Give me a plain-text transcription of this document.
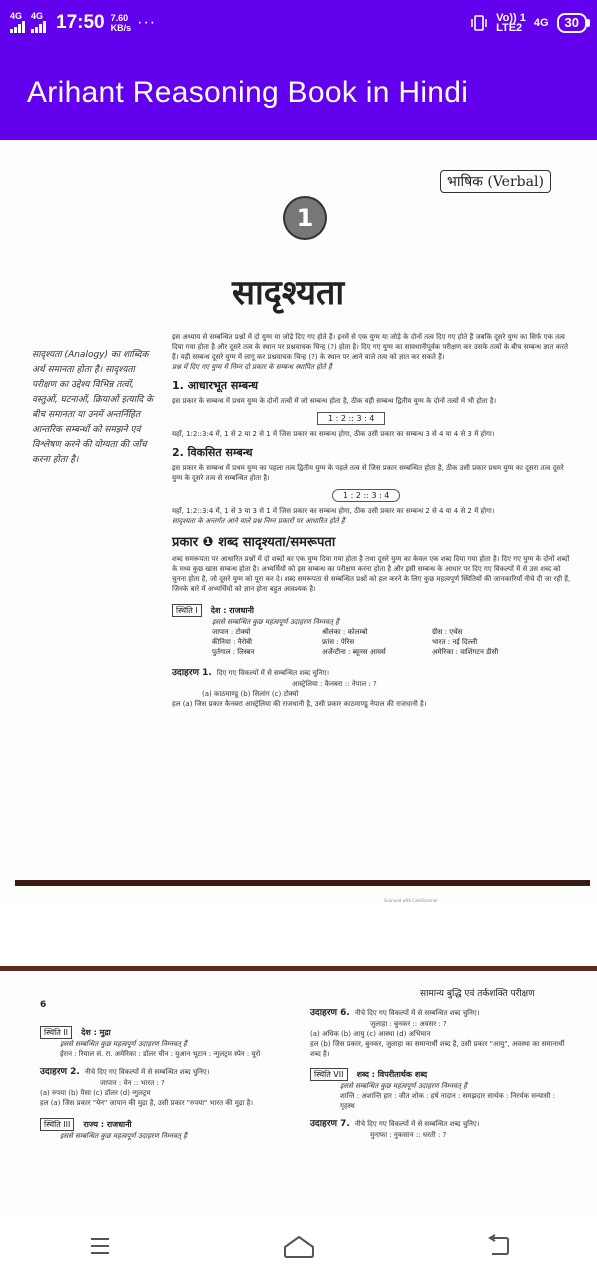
4G 4G 17:50 7.60
KB/s ···	Vo)) 1
LTE2	4G	30
Arihant Reasoning Book in Hindi
भाषिक (Verbal)
1
सादृश्यता
सादृश्यता (Analogy) का शाब्दिक अर्थ समानता होता है। सादृश्यता परीक्षण का उद्देश्य विभिन्न तत्वों, वस्तुओं, घटनाओं, क्रियाओं इत्यादि के बीच समानता या उनमें अन्तर्निहित आन्तरिक सम्बन्धों को समझने एवं विश्लेषण करने की योग्यता की जाँच करना होता है।
इस अध्याय से सम्बन्धित प्रश्नों में दो युग्म या जोड़े दिए गए होते हैं। इनमें से एक युग्म या जोड़े के दोनों तत्व दिए गए होते हैं जबकि दूसरे युग्म का सिर्फ एक तत्व दिया गया होता है और दूसरे तत्व के स्थान पर प्रश्नवाचक चिन्ह (?) होता है। दिए गए युग्म का सावधानीपूर्वक परीक्षण कर उसके तत्वों के बीच सम्बन्ध ज्ञात करते हैं। यही सम्बन्ध दूसरे युग्म में लागू कर प्रश्नवाचक चिन्ह (?) के स्थान पर आने वाले तत्व को ज्ञात कर सकते हैं।
प्रश्न में दिए गए युग्म में निम्न दो प्रकार के सम्बन्ध स्थापित होते हैं
1. आधारभूत सम्बन्ध
इस प्रकार के सम्बन्ध में प्रथम युग्म के दोनों तत्वों में जो सम्बन्ध होता है, ठीक वही सम्बन्ध द्वितीय युग्म के दोनों तत्वों में भी होता है।
1 : 2 :: 3 : 4
यहाँ, 1:2::3:4 में, 1 से 2 या 2 से 1 में जिस प्रकार का सम्बन्ध होगा, ठीक उसी प्रकार का सम्बन्ध 3 से 4 या 4 से 3 में होगा।
2. विकसित सम्बन्ध
इस प्रकार के सम्बन्ध में प्रथम युग्म का पहला तत्व द्वितीय युग्म के पहले तत्व से जिस प्रकार सम्बन्धित होता है, ठीक उसी प्रकार प्रथम युग्म का दूसरा तत्व दूसरे युग्म के दूसरे तत्व से सम्बन्धित होता है।
1 : 2 :: 3 : 4
यहाँ, 1:2::3:4 में, 1 से 3 या 3 से 1 में जिस प्रकार का सम्बन्ध होगा, ठीक उसी प्रकार का सम्बन्ध 2 से 4 या 4 से 2 में होगा।
सादृश्यता के अन्तर्गत आने वाले प्रश्न निम्न प्रकारों पर आधारित होते हैं
प्रकार ❶ शब्द सादृश्यता/समरूपता
शब्द समरूपता पर आधारित प्रश्नों में दो शब्दों का एक युग्म दिया गया होता है तथा दूसरे युग्म का केवल एक शब्द दिया गया होता है। दिए गए युग्म के दोनों शब्दों के मध्य कुछ खास सम्बन्ध होता है। अभ्यर्थियों को इस सम्बन्ध का परीक्षण करना होता है और इसी सम्बन्ध के आधार पर दिए गए विकल्पों में से उस शब्द को चुनना होता है, जो दूसरे युग्म को पूरा कर दे। शब्द समरूपता से सम्बन्धित प्रश्नों को हल करने के लिए कुछ महत्वपूर्ण स्थितियों की जानकारियाँ नीचे दी जा रही हैं, जिनके बारे में अभ्यर्थियों को ज्ञान होना बहुत आवश्यक है।
स्थिति I देश : राजधानी
इससे सम्बन्धित कुछ महत्वपूर्ण उदाहरण निम्नवत् हैं
जापान : टोक्यो	श्रीलंका : कोलम्बो	ग्रीस : एथेंस
कीनिया : नैरोबी	फ्रांस : पेरिस	भारत : नई दिल्ली
पुर्तगाल : लिस्बन	अर्जेन्टीना : ब्यूनस आयर्स	अमेरिका : वाशिंगटन डीसी
उदाहरण 1. दिए गए विकल्पों में से सम्बन्धित शब्द चुनिए।
आस्ट्रेलिया : कैनबरा :: नेपाल : ?
(a) काठमाण्डू (b) सिलांग (c) टोक्यो
हल (a) जिस प्रकार कैनबरा आस्ट्रेलिया की राजधानी है, उसी प्रकार काठमाण्डू नेपाल की राजधानी है।
Scanned with CamScanner
सामान्य बुद्धि एवं तर्कशक्ति परीक्षण
6
स्थिति II देश : मुद्रा
इससे सम्बन्धित कुछ महत्वपूर्ण उदाहरण निम्नवत् हैं
ईरान : रियाल सं. रा. अमेरिका : डॉलर चीन : युआन भूटान : न्गुलट्रम स्पेन : यूरो
उदाहरण 2. नीचे दिए गए विकल्पों में से सम्बन्धित शब्द चुनिए।
जापान : येन :: भारत : ?
(a) रुपया (b) पैसा (c) डॉलर (d) न्गुलट्रम
हल (a) जिस प्रकार "येन" जापान की मुद्रा है, उसी प्रकार "रुपया" भारत की मुद्रा है।
स्थिति III राज्य : राजधानी
इससे सम्बन्धित कुछ महत्वपूर्ण उदाहरण निम्नवत् हैं
उदाहरण 6. नीचे दिए गए विकल्पों में से सम्बन्धित शब्द चुनिए।
जुलाहा : बुनकर :: अवसर : ?
(a) अधिक (b) आयु (c) आस्था (d) अभिमान
हल (b) जिस प्रकार, बुनकर, जुलाहा का समानार्थी शब्द है, उसी प्रकार "आयु", अवस्था का समानार्थी शब्द है।
स्थिति VII शब्द : विपरीतार्थक शब्द
इससे सम्बन्धित कुछ महत्वपूर्ण उदाहरण निम्नवत् हैं
शान्ति : अशान्ति हार : जीत शोक : हर्ष नादान : समझदार सार्थक : निरर्थक सन्यासी : गृहस्थ
उदाहरण 7. नीचे दिए गए विकल्पों में से सम्बन्धित शब्द चुनिए।
मुनाफा : नुकसान :: धरती : ?
